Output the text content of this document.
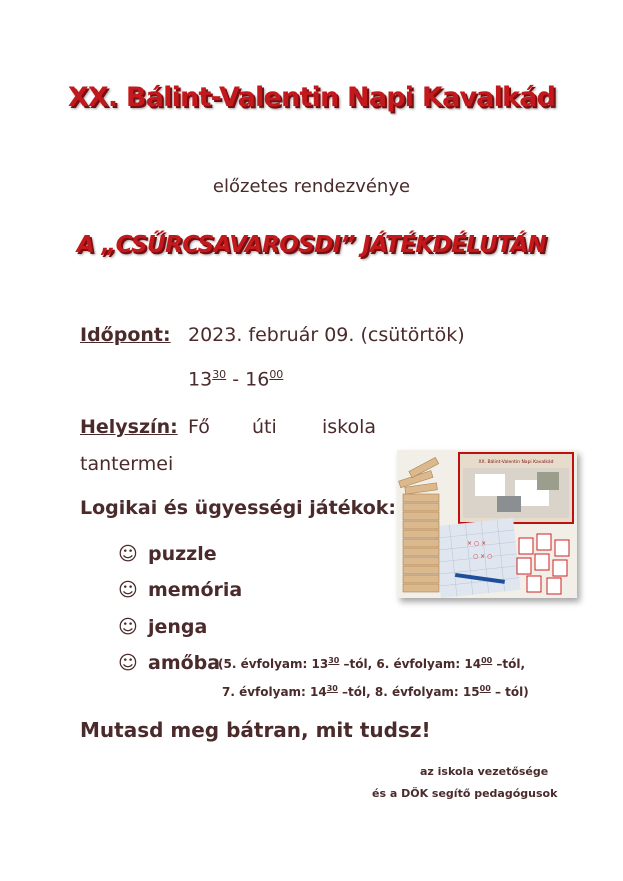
XX. Bálint-Valentin Napi Kavalkád
előzetes rendezvénye
A „CSŰRCSAVAROSDI” JÁTÉKDÉLUTÁN
Időpont: 2023. február 09. (csütörtök)
$13^{30} - 16^{00}$
Helyszín: Fő úti iskola
tantermei
Logikai és ügyességi játékok:
☺ puzzle
☺ memória
☺ jenga
☺ amőba
(5. évfolyam: $13^{30}$ –tól, 6. évfolyam: $14^{00}$ –tól,
7. évfolyam: $14^{30}$ –tól, 8. évfolyam: $15^{00}$ – tól)
Mutasd meg bátran, mit tudsz!
az iskola vezetősége
és a DÖK segítő pedagógusok
XX. Bálint-Valentin Napi Kavalkád
× ○ ×
○ × ○
